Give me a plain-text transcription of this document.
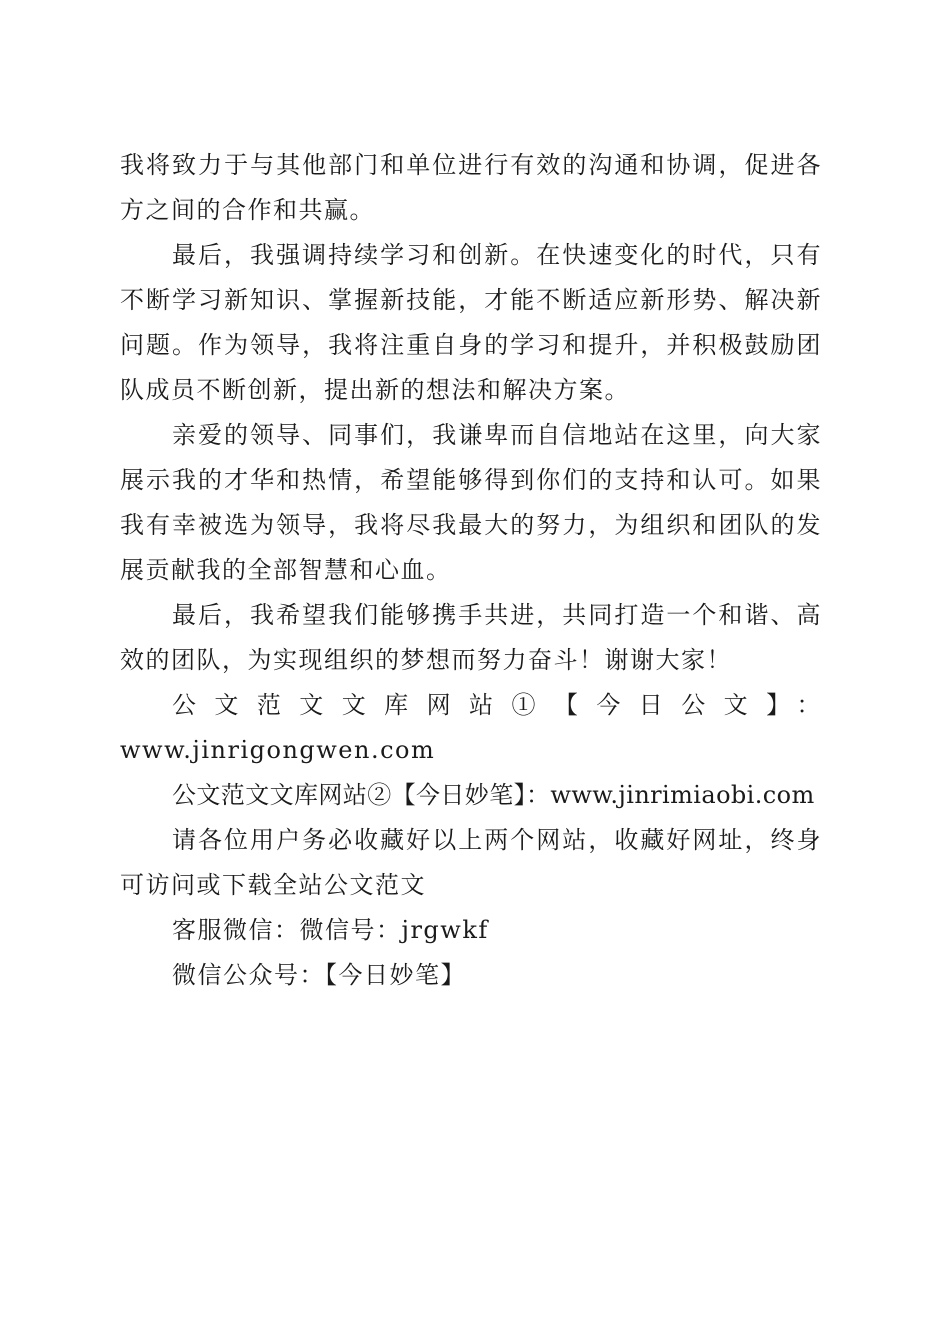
我将致力于与其他部门和单位进行有效的沟通和协调，促进各方之间的合作和共赢。

最后，我强调持续学习和创新。在快速变化的时代，只有不断学习新知识、掌握新技能，才能不断适应新形势、解决新问题。作为领导，我将注重自身的学习和提升，并积极鼓励团队成员不断创新，提出新的想法和解决方案。

亲爱的领导、同事们，我谦卑而自信地站在这里，向大家展示我的才华和热情，希望能够得到你们的支持和认可。如果我有幸被选为领导，我将尽我最大的努力，为组织和团队的发展贡献我的全部智慧和心血。

最后，我希望我们能够携手共进，共同打造一个和谐、高效的团队，为实现组织的梦想而努力奋斗！谢谢大家！

公文范文文库网站①【今日公文】：

www.jinrigongwen.com

公文范文文库网站②【今日妙笔】：www.jinrimiaobi.com

请各位用户务必收藏好以上两个网站，收藏好网址，终身可访问或下载全站公文范文

客服微信：微信号：jrgwkf

微信公众号：【今日妙笔】
